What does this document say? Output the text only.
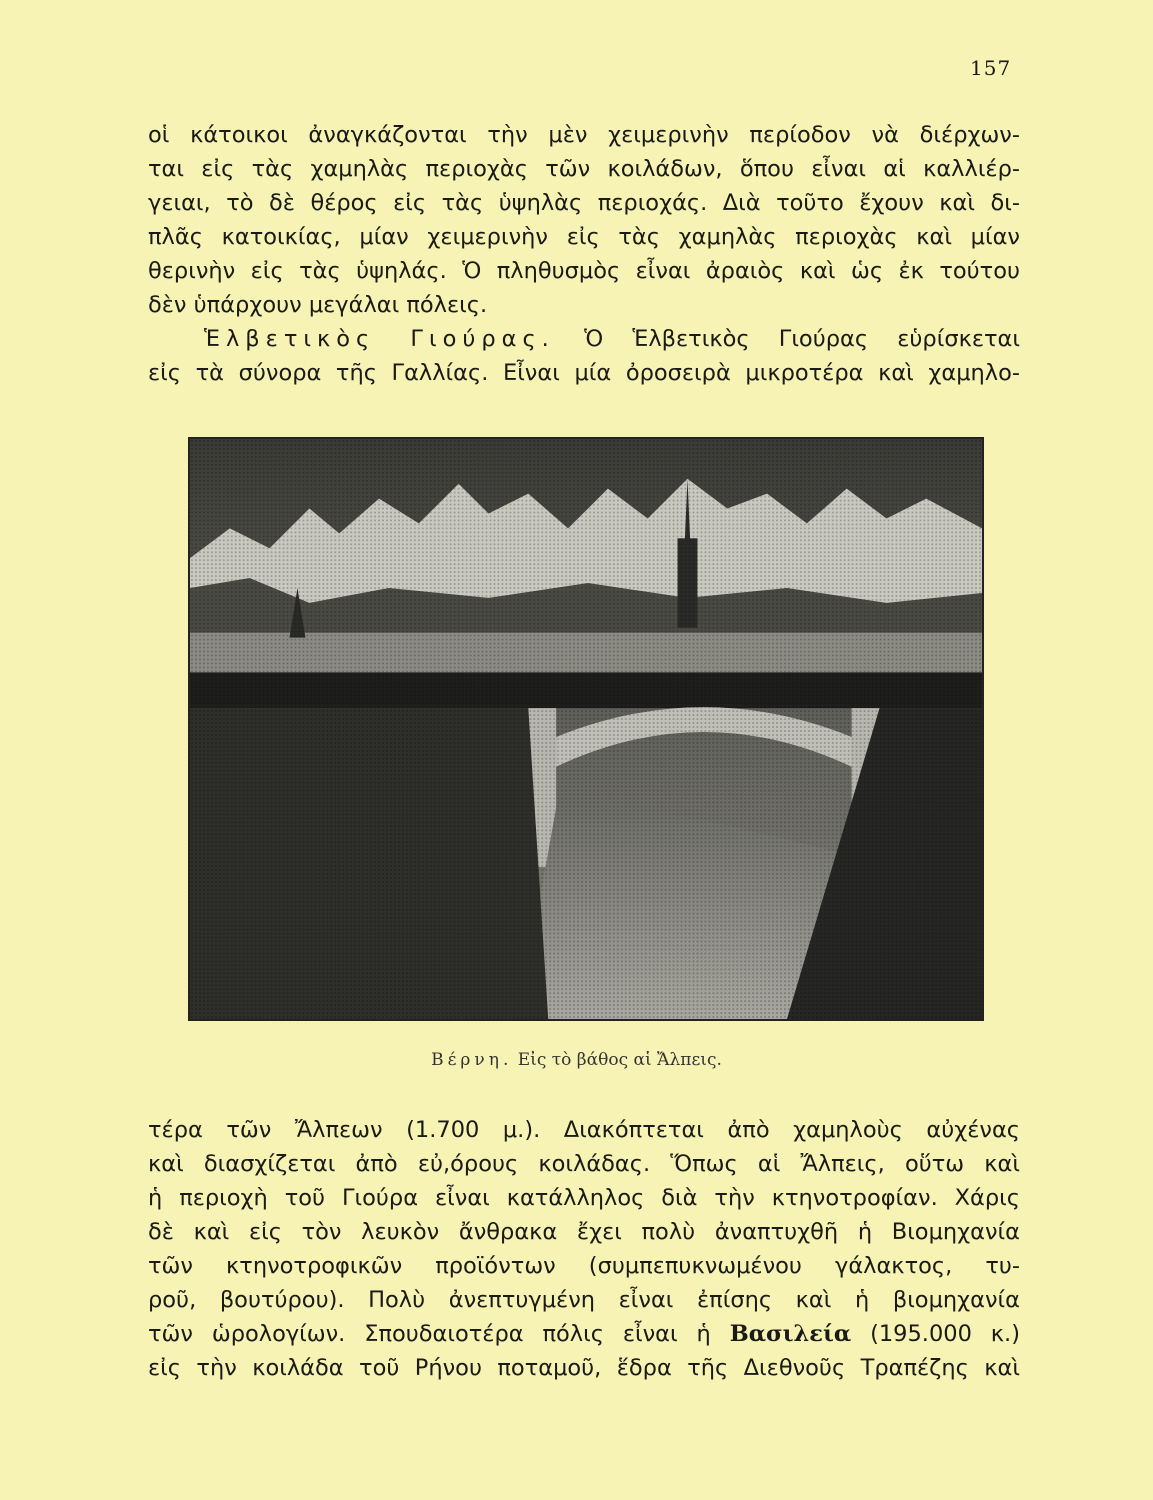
157
οἱ κάτοικοι ἀναγκάζονται τὴν μὲν χειμερινὴν περίοδον νὰ διέρχων-
ται εἰς τὰς χαμηλὰς περιοχὰς τῶν κοιλάδων, ὅπου εἶναι αἱ καλλιέρ-
γειαι, τὸ δὲ θέρος εἰς τὰς ὑψηλὰς περιοχάς. Διὰ τοῦτο ἔχουν καὶ δι-
πλᾶς κατοικίας, μίαν χειμερινὴν εἰς τὰς χαμηλὰς περιοχὰς καὶ μίαν
θερινὴν εἰς τὰς ὑψηλάς. Ὁ πληθυσμὸς εἶναι ἀραιὸς καὶ ὡς ἐκ τούτου
δὲν ὑπάρχουν μεγάλαι πόλεις.
Ἑλβετικὸς Γιούρας. Ὁ Ἑλβετικὸς Γιούρας εὑρίσκεται
εἰς τὰ σύνορα τῆς Γαλλίας. Εἶναι μία ὀροσειρὰ μικροτέρα καὶ χαμηλο-
Βέρνη. Εἰς τὸ βάθος αἱ Ἄλπεις.
τέρα τῶν Ἄλπεων (1.700 μ.). Διακόπτεται ἀπὸ χαμηλοὺς αὐχένας
καὶ διασχίζεται ἀπὸ εὐ,όρους κοιλάδας. Ὅπως αἱ Ἄλπεις, οὕτω καὶ
ἡ περιοχὴ τοῦ Γιούρα εἶναι κατάλληλος διὰ τὴν κτηνοτροφίαν. Χάρις
δὲ καὶ εἰς τὸν λευκὸν ἄνθρακα ἔχει πολὺ ἀναπτυχθῆ ἡ Βιομηχανία
τῶν κτηνοτροφικῶν προϊόντων (συμπεπυκνωμένου γάλακτος, τυ-
ροῦ, βουτύρου). Πολὺ ἀνεπτυγμένη εἶναι ἐπίσης καὶ ἡ βιομηχανία
τῶν ὡρολογίων. Σπουδαιοτέρα πόλις εἶναι ἡ Βασιλεία (195.000 κ.)
εἰς τὴν κοιλάδα τοῦ Ρήνου ποταμοῦ, ἕδρα τῆς Διεθνοῦς Τραπέζης καὶ
